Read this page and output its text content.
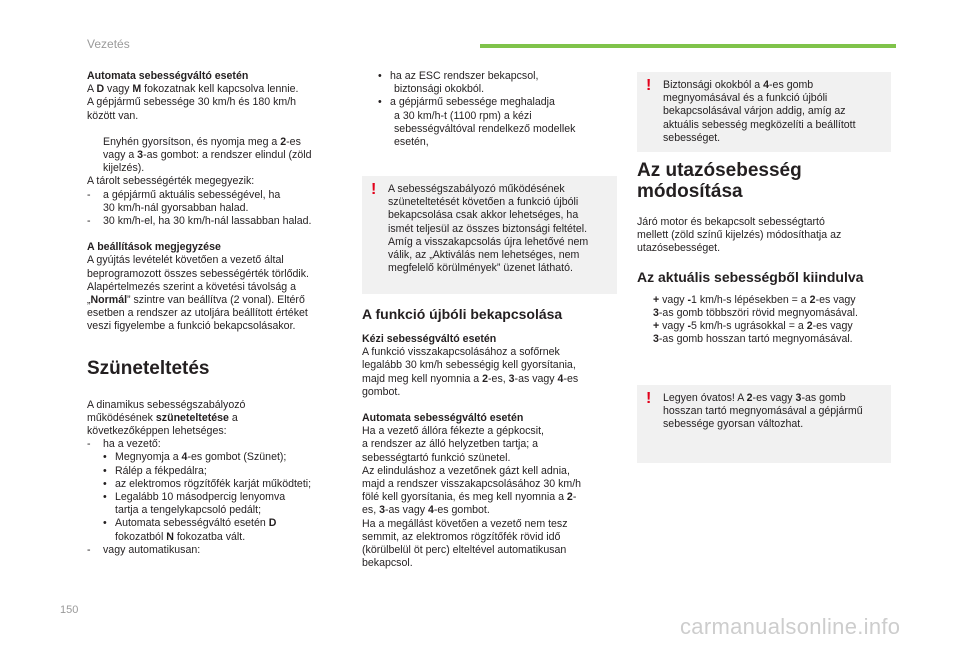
Vezetés

Automata sebességváltó esetén

A D vagy M fokozatnak kell kapcsolva lennie.

A gépjármű sebessége 30 km/h és 180 km/h

között van.

Enyhén gyorsítson, és nyomja meg a 2-es

vagy a 3-as gombot: a rendszer elindul (zöld

kijelzés).

A tárolt sebességérték megegyezik:

-	a gépjármű aktuális sebességével, ha

30 km/h-nál gyorsabban halad.

-	30 km/h-el, ha 30 km/h-nál lassabban halad.

A beállítások megjegyzése

A gyújtás levételét követően a vezető által

beprogramozott összes sebességérték törlődik.

Alapértelmezés szerint a követési távolság a

„Normál” szintre van beállítva (2 vonal). Eltérő

esetben a rendszer az utoljára beállított értéket

veszi figyelembe a funkció bekapcsolásakor.

Szüneteltetés

A dinamikus sebességszabályozó

működésének szüneteltetése a

következőképpen lehetséges:

-	ha a vezető:
• Megnyomja a 4-es gombot (Szünet);
• Rálép a fékpedálra;
• az elektromos rögzítőfék karját működteti;
• Legalább 10 másodpercig lenyomva

tartja a tengelykapcsoló pedált;

• Automata sebességváltó esetén D

fokozatból N fokozatba vált.

-	vagy automatikusan:
• ha az ESC rendszer bekapcsol,

biztonsági okokból.

• a gépjármű sebessége meghaladja

a 30 km/h-t (1100 rpm) a kézi

sebességváltóval rendelkező modellek

esetén,

! A sebességszabályozó működésének

szüneteltetését követően a funkció újbóli

bekapcsolása csak akkor lehetséges, ha

ismét teljesül az összes biztonsági feltétel.

Amíg a visszakapcsolás újra lehetővé nem

válik, az „Aktiválás nem lehetséges, nem

megfelelő körülmények” üzenet látható.

A funkció újbóli bekapcsolása

Kézi sebességváltó esetén

A funkció visszakapcsolásához a sofőrnek

legalább 30 km/h sebességig kell gyorsítania,

majd meg kell nyomnia a 2-es, 3-as vagy 4-es

gombot.

Automata sebességváltó esetén

Ha a vezető állóra fékezte a gépkocsit,

a rendszer az álló helyzetben tartja; a

sebességtartó funkció szünetel.

Az elinduláshoz a vezetőnek gázt kell adnia,

majd a rendszer visszakapcsolásához 30 km/h

fölé kell gyorsítania, és meg kell nyomnia a 2-

es, 3-as vagy 4-es gombot.

Ha a megállást követően a vezető nem tesz

semmit, az elektromos rögzítőfék rövid idő

(körülbelül öt perc) elteltével automatikusan

bekapcsol.

! Biztonsági okokból a 4-es gomb

megnyomásával és a funkció újbóli

bekapcsolásával várjon addig, amíg az

aktuális sebesség megközelíti a beállított

sebességet.

Az utazósebesség
módosítása

Járó motor és bekapcsolt sebességtartó

mellett (zöld színű kijelzés) módosíthatja az

utazósebességet.

Az aktuális sebességből kiindulva

+ vagy -1 km/h-s lépésekben = a 2-es vagy

3-as gomb többszöri rövid megnyomásával.

+ vagy -5 km/h-s ugrásokkal = a 2-es vagy

3-as gomb hosszan tartó megnyomásával.

! Legyen óvatos! A 2-es vagy 3-as gomb

hosszan tartó megnyomásával a gépjármű

sebessége gyorsan változhat.

150
carmanualsonline.info
